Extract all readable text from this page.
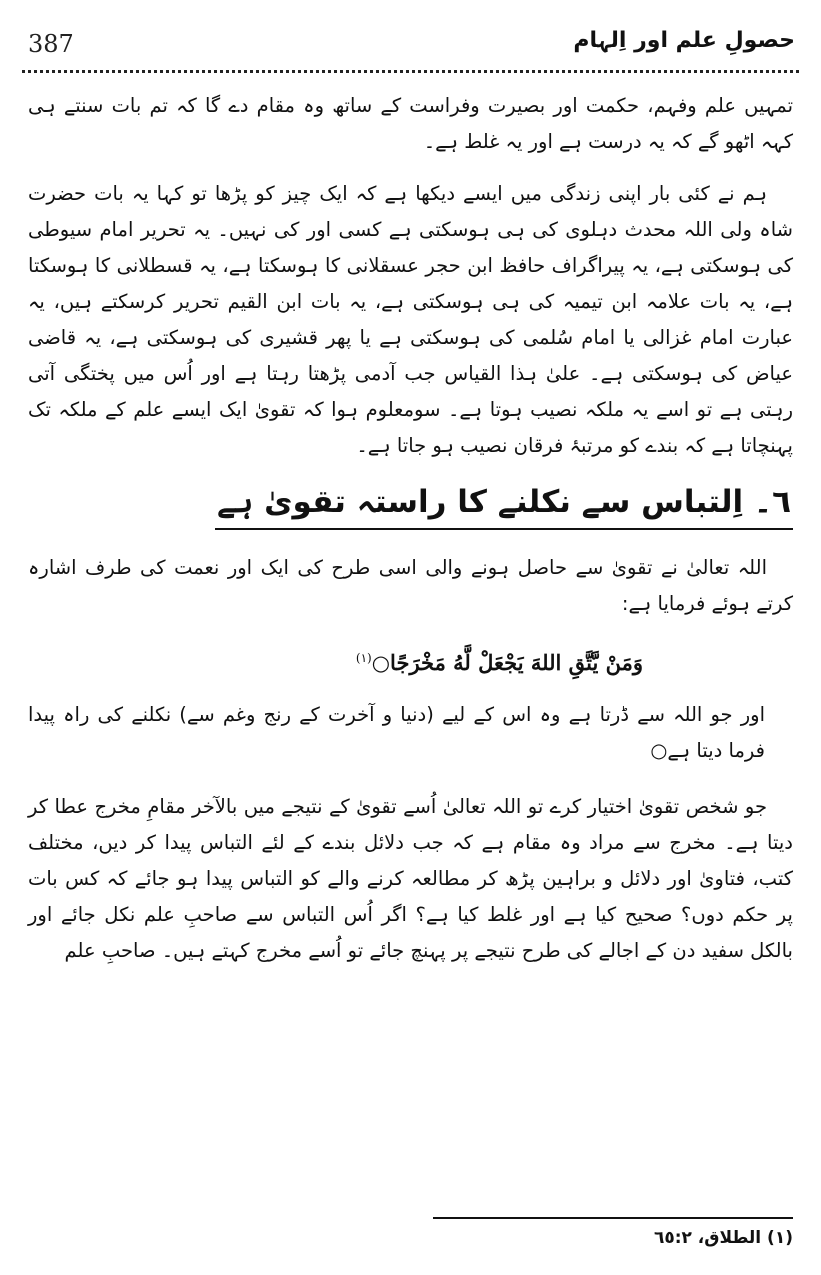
387	حصولِ علم اور اِلہام

تمہیں علم وفہم، حکمت اور بصیرت وفراست کے ساتھ وہ مقام دے گا کہ تم بات سنتے ہی کہہ اٹھو گے کہ یہ درست ہے اور یہ غلط ہے۔

ہم نے کئی بار اپنی زندگی میں ایسے دیکھا ہے کہ ایک چیز کو پڑھا تو کہا یہ بات حضرت شاہ ولی اللہ محدث دہلوی کی ہی ہوسکتی ہے کسی اور کی نہیں۔ یہ تحریر امام سیوطی کی ہوسکتی ہے، یہ پیراگراف حافظ ابن حجر عسقلانی کا ہوسکتا ہے، یہ قسطلانی کا ہوسکتا ہے، یہ بات علامہ ابن تیمیہ کی ہی ہوسکتی ہے، یہ بات ابن القیم تحریر کرسکتے ہیں، یہ عبارت امام غزالی یا امام سُلمی کی ہوسکتی ہے یا پھر قشیری کی ہوسکتی ہے، یہ قاضی عیاض کی ہوسکتی ہے۔ علیٰ ہذا القیاس جب آدمی پڑھتا رہتا ہے اور اُس میں پختگی آتی رہتی ہے تو اسے یہ ملکہ نصیب ہوتا ہے۔ سومعلوم ہوا کہ تقویٰ ایک ایسے علم کے ملکہ تک پہنچاتا ہے کہ بندے کو مرتبۂ فرقان نصیب ہو جاتا ہے۔

٦۔ اِلتباس سے نکلنے کا راستہ تقویٰ ہے

اللہ تعالیٰ نے تقویٰ سے حاصل ہونے والی اسی طرح کی ایک اور نعمت کی طرف اشارہ کرتے ہوئے فرمایا ہے:

وَمَنْ يَّتَّقِ اللهَ يَجْعَلْ لَّهُ مَخْرَجًا○$^{(١)}$

اور جو اللہ سے ڈرتا ہے وہ اس کے لیے (دنیا و آخرت کے رنج وغم سے) نکلنے کی راہ پیدا فرما دیتا ہے○

جو شخص تقویٰ اختیار کرے تو اللہ تعالیٰ اُسے تقویٰ کے نتیجے میں بالآخر مقامِ مخرج عطا کر دیتا ہے۔ مخرج سے مراد وہ مقام ہے کہ جب دلائل بندے کے لئے التباس پیدا کر دیں، مختلف کتب، فتاویٰ اور دلائل و براہین پڑھ کر مطالعہ کرنے والے کو التباس پیدا ہو جائے کہ کس بات پر حکم دوں؟ صحیح کیا ہے اور غلط کیا ہے؟ اگر اُس التباس سے صاحبِ علم نکل جائے اور بالکل سفید دن کے اجالے کی طرح نتیجے پر پہنچ جائے تو اُسے مخرج کہتے ہیں۔ صاحبِ علم

(١) الطلاق، ٦٥:٢
